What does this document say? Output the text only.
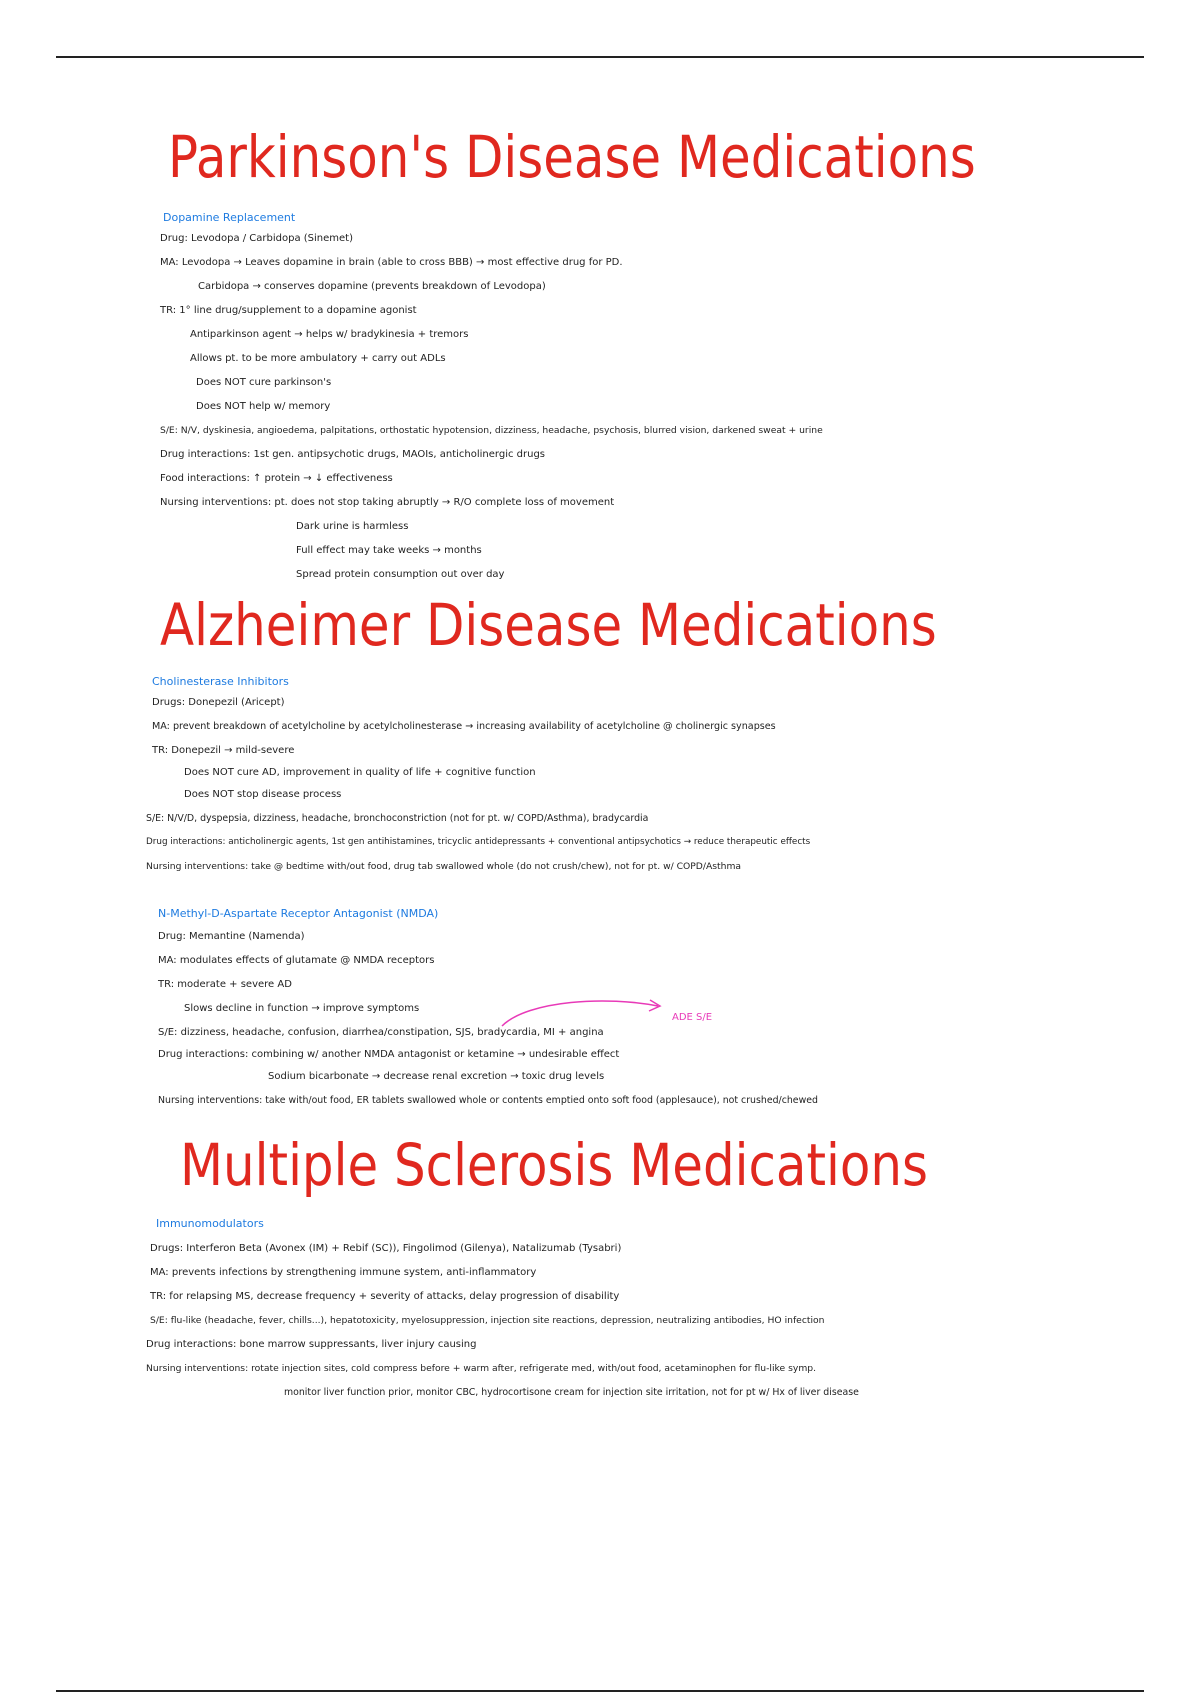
Parkinson's Disease Medications
Dopamine Replacement
Drug: Levodopa / Carbidopa (Sinemet)
MA: Levodopa → Leaves dopamine in brain (able to cross BBB) → most effective drug for PD.
Carbidopa → conserves dopamine (prevents breakdown of Levodopa)
TR: 1° line drug/supplement to a dopamine agonist
Antiparkinson agent → helps w/ bradykinesia + tremors
Allows pt. to be more ambulatory + carry out ADLs
Does NOT cure parkinson's
Does NOT help w/ memory
S/E: N/V, dyskinesia, angioedema, palpitations, orthostatic hypotension, dizziness, headache, psychosis, blurred vision, darkened sweat + urine
Drug interactions: 1st gen. antipsychotic drugs, MAOIs, anticholinergic drugs
Food interactions: ↑ protein → ↓ effectiveness
Nursing interventions: pt. does not stop taking abruptly → R/O complete loss of movement
Dark urine is harmless
Full effect may take weeks → months
Spread protein consumption out over day
Alzheimer Disease Medications
Cholinesterase Inhibitors
Drugs: Donepezil (Aricept)
MA: prevent breakdown of acetylcholine by acetylcholinesterase → increasing availability of acetylcholine @ cholinergic synapses
TR: Donepezil → mild-severe
Does NOT cure AD, improvement in quality of life + cognitive function
Does NOT stop disease process
S/E: N/V/D, dyspepsia, dizziness, headache, bronchoconstriction (not for pt. w/ COPD/Asthma), bradycardia
Drug interactions: anticholinergic agents, 1st gen antihistamines, tricyclic antidepressants + conventional antipsychotics → reduce therapeutic effects
Nursing interventions: take @ bedtime with/out food, drug tab swallowed whole (do not crush/chew), not for pt. w/ COPD/Asthma
N-Methyl-D-Aspartate Receptor Antagonist (NMDA)
Drug: Memantine (Namenda)
MA: modulates effects of glutamate @ NMDA receptors
TR: moderate + severe AD
Slows decline in function → improve symptoms
S/E: dizziness, headache, confusion, diarrhea/constipation, SJS, bradycardia, MI + angina
ADE S/E
Drug interactions: combining w/ another NMDA antagonist or ketamine → undesirable effect
Sodium bicarbonate → decrease renal excretion → toxic drug levels
Nursing interventions: take with/out food, ER tablets swallowed whole or contents emptied onto soft food (applesauce), not crushed/chewed
Multiple Sclerosis Medications
Immunomodulators
Drugs: Interferon Beta (Avonex (IM) + Rebif (SC)), Fingolimod (Gilenya), Natalizumab (Tysabri)
MA: prevents infections by strengthening immune system, anti-inflammatory
TR: for relapsing MS, decrease frequency + severity of attacks, delay progression of disability
S/E: flu-like (headache, fever, chills...), hepatotoxicity, myelosuppression, injection site reactions, depression, neutralizing antibodies, HO infection
Drug interactions: bone marrow suppressants, liver injury causing
Nursing interventions: rotate injection sites, cold compress before + warm after, refrigerate med, with/out food, acetaminophen for flu-like symp.
monitor liver function prior, monitor CBC, hydrocortisone cream for injection site irritation, not for pt w/ Hx of liver disease
